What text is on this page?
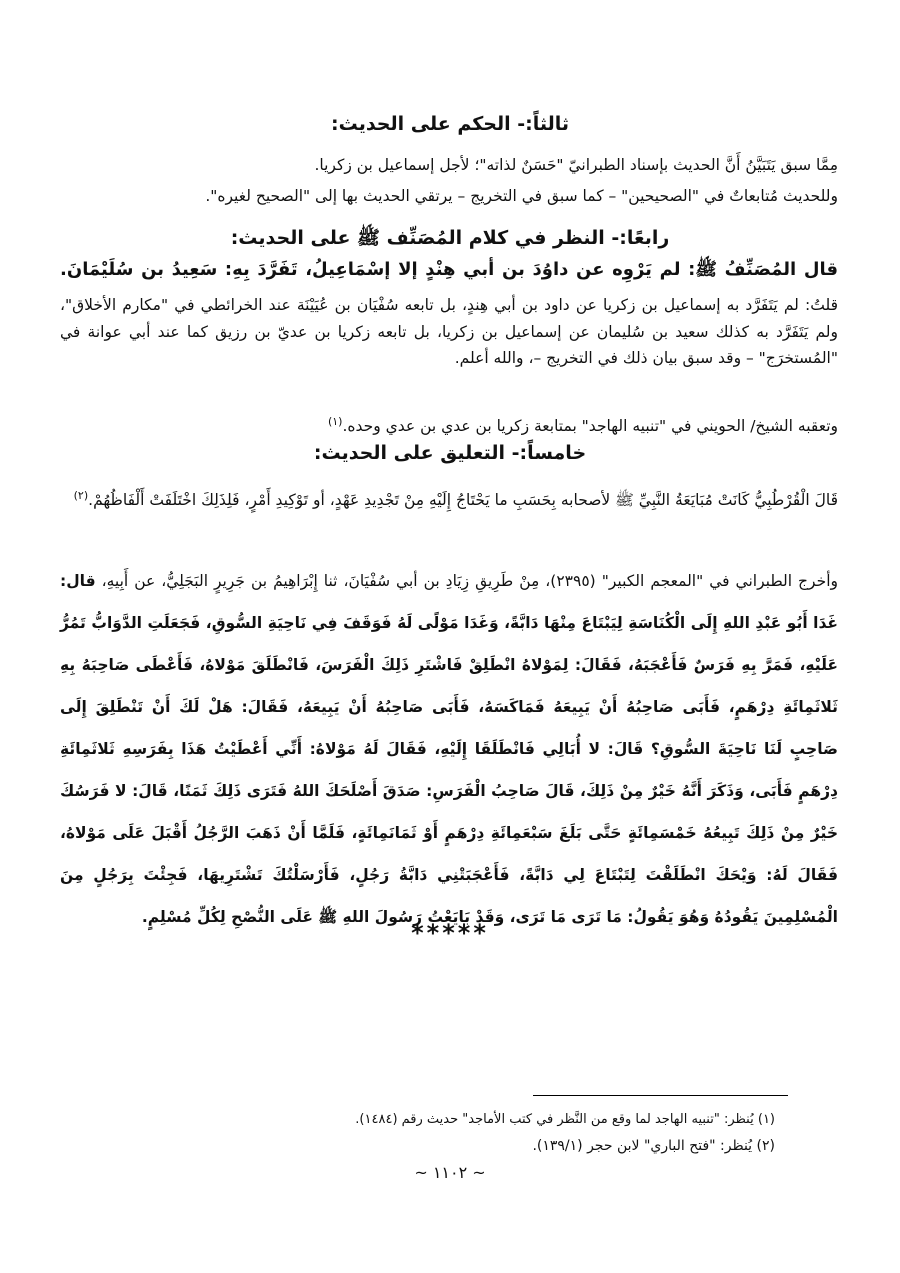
ثالثاً:- الحكم على الحديث:
مِمَّا سبق يَتَبَيَّنُ أَنَّ الحديث بإسناد الطبرانيّ "حَسَنٌ لذاته"؛ لأجل إسماعيل بن زكريا.
وللحديث مُتابعاتٌ في "الصحيحين" – كما سبق في التخريج – يرتقي الحديث بها إلى "الصحيح لغيره".
رابعًا:- النظر في كلام المُصَنِّف ﷺ على الحديث:
قال المُصَنِّفُ ﷺ: لم يَرْوِه عن داوُدَ بن أبي هِنْدٍ إلا إسْمَاعِيلُ، تَفَرَّدَ بِهِ: سَعِيدُ بن سُلَيْمَانَ.
قلتُ: لم يَتَفَرَّد به إسماعيل بن زكريا عن داود بن أبي هِندٍ، بل تابعه سُفْيَان بن عُيَيْنَة عند الخرائطي في "مكارم الأخلاق"، ولم يَتَفَرَّد به كذلك سعيد بن سُليمان عن إسماعيل بن زكريا، بل تابعه زكريا بن عديّ بن رزيق كما عند أبي عوانة في "المُستخرَج" – وقد سبق بيان ذلك في التخريج –، والله أعلم.
وتعقبه الشيخ/ الحويني في "تنبيه الهاجد" بمتابعة زكريا بن عدي بن عدي وحده.$^{(١)}$
خامساً:- التعليق على الحديث:
قَالَ الْقُرْطُبِيُّ كَانَتْ مُبَايَعَةُ النَّبِيِّ ﷺ لأصحابه بِحَسَبِ ما يَحْتَاجُ إِلَيْهِ مِنْ تَجْدِيدِ عَهْدٍ، أو تَوْكِيدِ أَمْرٍ، فَلِذَلِكَ اخْتَلَفَتْ أَلْفَاظُهُمْ.$^{(٢)}$
وأخرج الطبراني في "المعجم الكبير" (٢٣٩٥)، مِنْ طَرِيقِ زِيَادِ بن أبي سُفْيَانَ، ثنا إِبْرَاهِيمُ بن جَرِيرٍ البَجَلِيُّ، عن أَبِيهِ، قال: غَدَا أَبُو عَبْدِ اللهِ إِلَى الْكُنَاسَةِ لِيَبْتَاعَ مِنْهَا دَابَّةً، وَغَدَا مَوْلًى لَهُ فَوَقَفَ فِي نَاحِيَةِ السُّوقِ، فَجَعَلَتِ الدَّوَابُّ تَمُرُّ عَلَيْهِ، فَمَرَّ بِهِ فَرَسٌ فَأَعْجَبَهُ، فَقَالَ: لِمَوْلاهُ انْطَلِقْ فَاشْتَرِ ذَلِكَ الْفَرَسَ، فَانْطَلَقَ مَوْلاهُ، فَأَعْطَى صَاحِبَهُ بِهِ ثَلاثَمِائَةِ دِرْهَمٍ، فَأَبَى صَاحِبُهُ أَنْ يَبِيعَهُ فَمَاكَسَهُ، فَأَبَى صَاحِبُهُ أَنْ يَبِيعَهُ، فَقَالَ: هَلْ لَكَ أَنْ تَنْطَلِقَ إِلَى صَاحِبٍ لَنَا نَاحِيَةَ السُّوقِ؟ قَالَ: لا أُبَالِي فَانْطَلَقَا إِلَيْهِ، فَقَالَ لَهُ مَوْلاهُ: أَنِّي أَعْطَيْتُ هَذَا بِفَرَسِهِ ثَلاثَمِائَةِ دِرْهَمٍ فَأَبَى، وَذَكَرَ أَنَّهُ خَيْرٌ مِنْ ذَلِكَ، قَالَ صَاحِبُ الْفَرَسِ: صَدَقَ أَصْلَحَكَ اللهُ فَتَرَى ذَلِكَ ثَمَنًا، قَالَ: لا فَرَسُكَ خَيْرٌ مِنْ ذَلِكَ تَبِيعُهُ خَمْسَمِائَةٍ حَتَّى بَلَغَ سَبْعَمِائَةِ دِرْهَمٍ أَوْ ثَمَانَمِائَةٍ، فَلَمَّا أَنْ ذَهَبَ الرَّجُلُ أَقْبَلَ عَلَى مَوْلاهُ، فَقَالَ لَهُ: وَيْحَكَ انْطَلَقْتَ لِتَبْتَاعَ لِي دَابَّةً، فَأَعْجَبَتْنِي دَابَّةُ رَجُلٍ، فَأَرْسَلْتُكَ تَشْتَرِيهَا، فَجِئْتَ بِرَجُلٍ مِنَ الْمُسْلِمِينَ يَقُودُهُ وَهُوَ يَقُولُ: مَا تَرَى مَا تَرَى، وَقَدْ بَايَعْتُ رَسُولَ اللهِ ﷺ عَلَى النُّصْحِ لِكُلِّ مُسْلِمٍ.
*****
(١) يُنظر: "تنبيه الهاجد لما وقع من النَّظر في كتب الأماجد" حديث رقم (١٤٨٤).
(٢) يُنظر: "فتح الباري" لابن حجر (١٣٩/١).
~ ١١٠٢ ~
